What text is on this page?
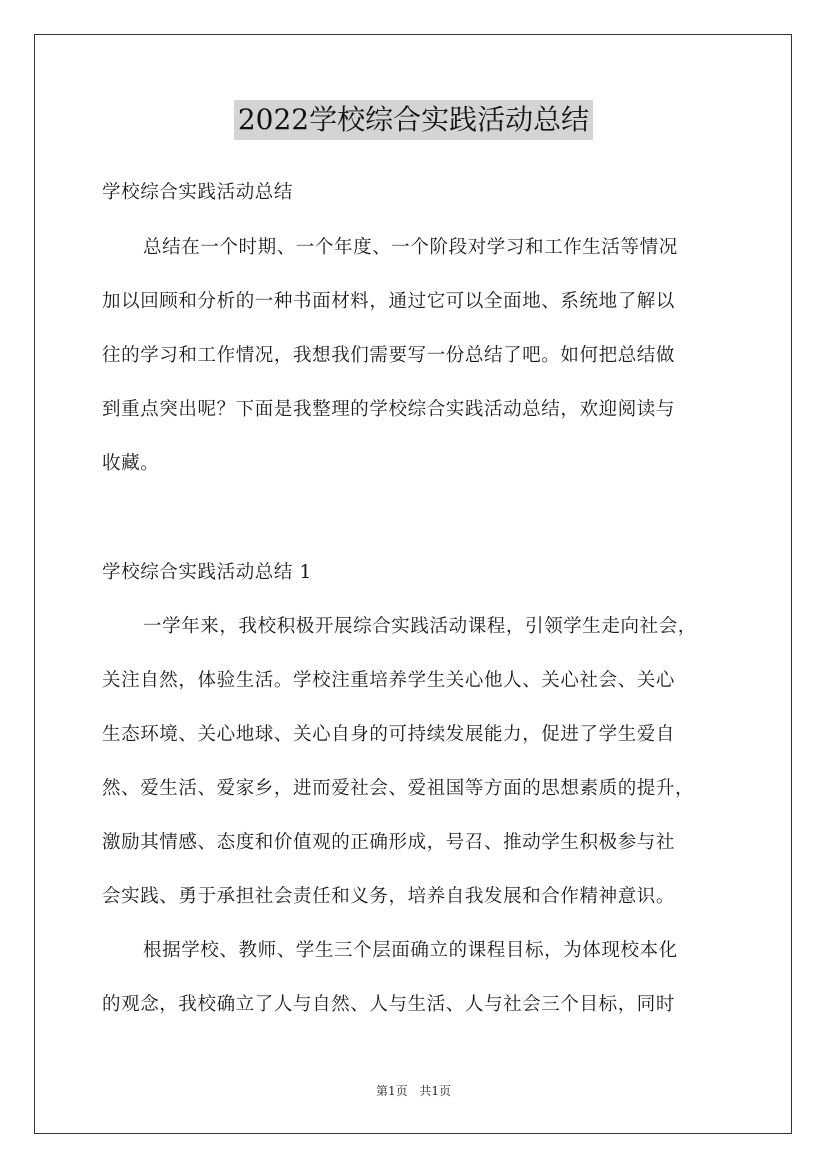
2022学校综合实践活动总结
学校综合实践活动总结
总结在一个时期、一个年度、一个阶段对学习和工作生活等情况
加以回顾和分析的一种书面材料，通过它可以全面地、系统地了解以
往的学习和工作情况，我想我们需要写一份总结了吧。如何把总结做
到重点突出呢？下面是我整理的学校综合实践活动总结，欢迎阅读与
收藏。
学校综合实践活动总结 1
一学年来，我校积极开展综合实践活动课程，引领学生走向社会，
关注自然，体验生活。学校注重培养学生关心他人、关心社会、关心
生态环境、关心地球、关心自身的可持续发展能力，促进了学生爱自
然、爱生活、爱家乡，进而爱社会、爱祖国等方面的思想素质的提升，
激励其情感、态度和价值观的正确形成，号召、推动学生积极参与社
会实践、勇于承担社会责任和义务，培养自我发展和合作精神意识。
根据学校、教师、学生三个层面确立的课程目标，为体现校本化
的观念，我校确立了人与自然、人与生活、人与社会三个目标，同时
第1页 共1页
